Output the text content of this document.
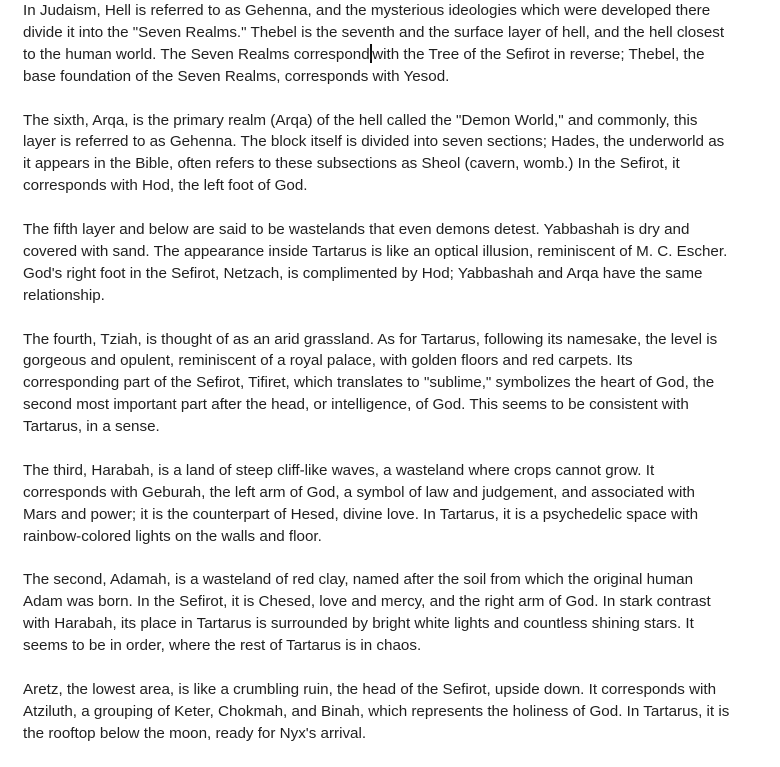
In Judaism, Hell is referred to as Gehenna, and the mysterious ideologies which were developed there divide it into the "Seven Realms." Thebel is the seventh and the surface layer of hell, and the hell closest to the human world. The Seven Realms correspond with the Tree of the Sefirot in reverse; Thebel, the base foundation of the Seven Realms, corresponds with Yesod.

The sixth, Arqa, is the primary realm (Arqa) of the hell called the "Demon World," and commonly, this layer is referred to as Gehenna. The block itself is divided into seven sections; Hades, the underworld as it appears in the Bible, often refers to these subsections as Sheol (cavern, womb.) In the Sefirot, it corresponds with Hod, the left foot of God.

The fifth layer and below are said to be wastelands that even demons detest. Yabbashah is dry and covered with sand. The appearance inside Tartarus is like an optical illusion, reminiscent of M. C. Escher. God's right foot in the Sefirot, Netzach, is complimented by Hod; Yabbashah and Arqa have the same relationship.

The fourth, Tziah, is thought of as an arid grassland. As for Tartarus, following its namesake, the level is gorgeous and opulent, reminiscent of a royal palace, with golden floors and red carpets. Its corresponding part of the Sefirot, Tifiret, which translates to "sublime," symbolizes the heart of God, the second most important part after the head, or intelligence, of God. This seems to be consistent with Tartarus, in a sense.

The third, Harabah, is a land of steep cliff-like waves, a wasteland where crops cannot grow. It corresponds with Geburah, the left arm of God, a symbol of law and judgement, and associated with Mars and power; it is the counterpart of Hesed, divine love. In Tartarus, it is a psychedelic space with rainbow-colored lights on the walls and floor.

The second, Adamah, is a wasteland of red clay, named after the soil from which the original human Adam was born. In the Sefirot, it is Chesed, love and mercy, and the right arm of God. In stark contrast with Harabah, its place in Tartarus is surrounded by bright white lights and countless shining stars. It seems to be in order, where the rest of Tartarus is in chaos.

Aretz, the lowest area, is like a crumbling ruin, the head of the Sefirot, upside down. It corresponds with Atziluth, a grouping of Keter, Chokmah, and Binah, which represents the holiness of God. In Tartarus, it is the rooftop below the moon, ready for Nyx's arrival.
